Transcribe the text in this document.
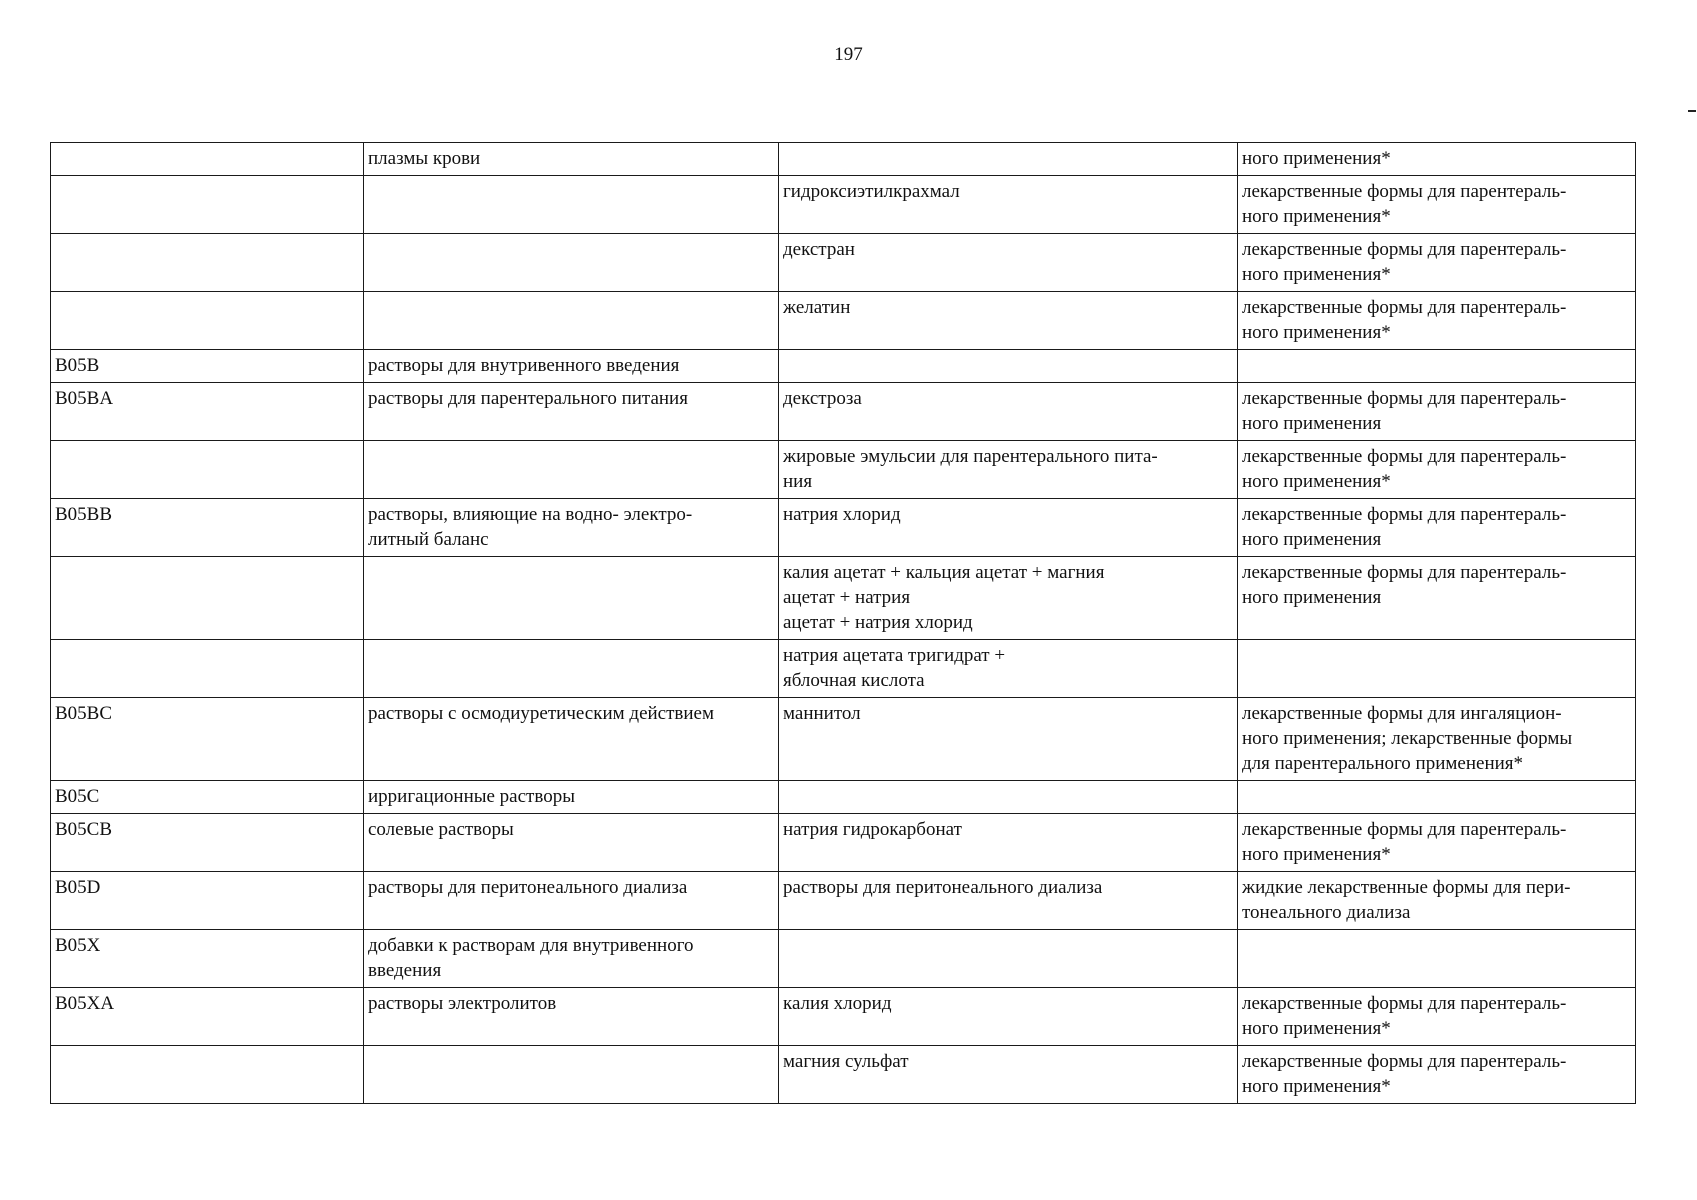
197
	плазмы крови		ного применения*
		гидроксиэтилкрахмал	лекарственные формы для парентераль-
ного применения*
		декстран	лекарственные формы для парентераль-
ного применения*
		желатин	лекарственные формы для парентераль-
ного применения*
B05B	растворы для внутривенного введения		
B05BA	растворы для парентерального питания	декстроза	лекарственные формы для парентераль-
ного применения
		жировые эмульсии для парентерального пита-
ния	лекарственные формы для парентераль-
ного применения*
B05BB	растворы, влияющие на водно- электро-
литный баланс	натрия хлорид	лекарственные формы для парентераль-
ного применения
		калия ацетат + кальция ацетат + магния
ацетат + натрия
ацетат + натрия хлорид	лекарственные формы для парентераль-
ного применения
		натрия ацетата тригидрат +
яблочная кислота	
B05BC	растворы с осмодиуретическим действием	маннитол	лекарственные формы для ингаляцион-
ного применения; лекарственные формы
для парентерального применения*
B05C	ирригационные растворы		
B05CB	солевые растворы	натрия гидрокарбонат	лекарственные формы для парентераль-
ного применения*
B05D	растворы для перитонеального диализа	растворы для перитонеального диализа	жидкие лекарственные формы для пери-
тонеального диализа
B05X	добавки к растворам для внутривенного
введения		
B05XA	растворы электролитов	калия хлорид	лекарственные формы для парентераль-
ного применения*
		магния сульфат	лекарственные формы для парентераль-
ного применения*
